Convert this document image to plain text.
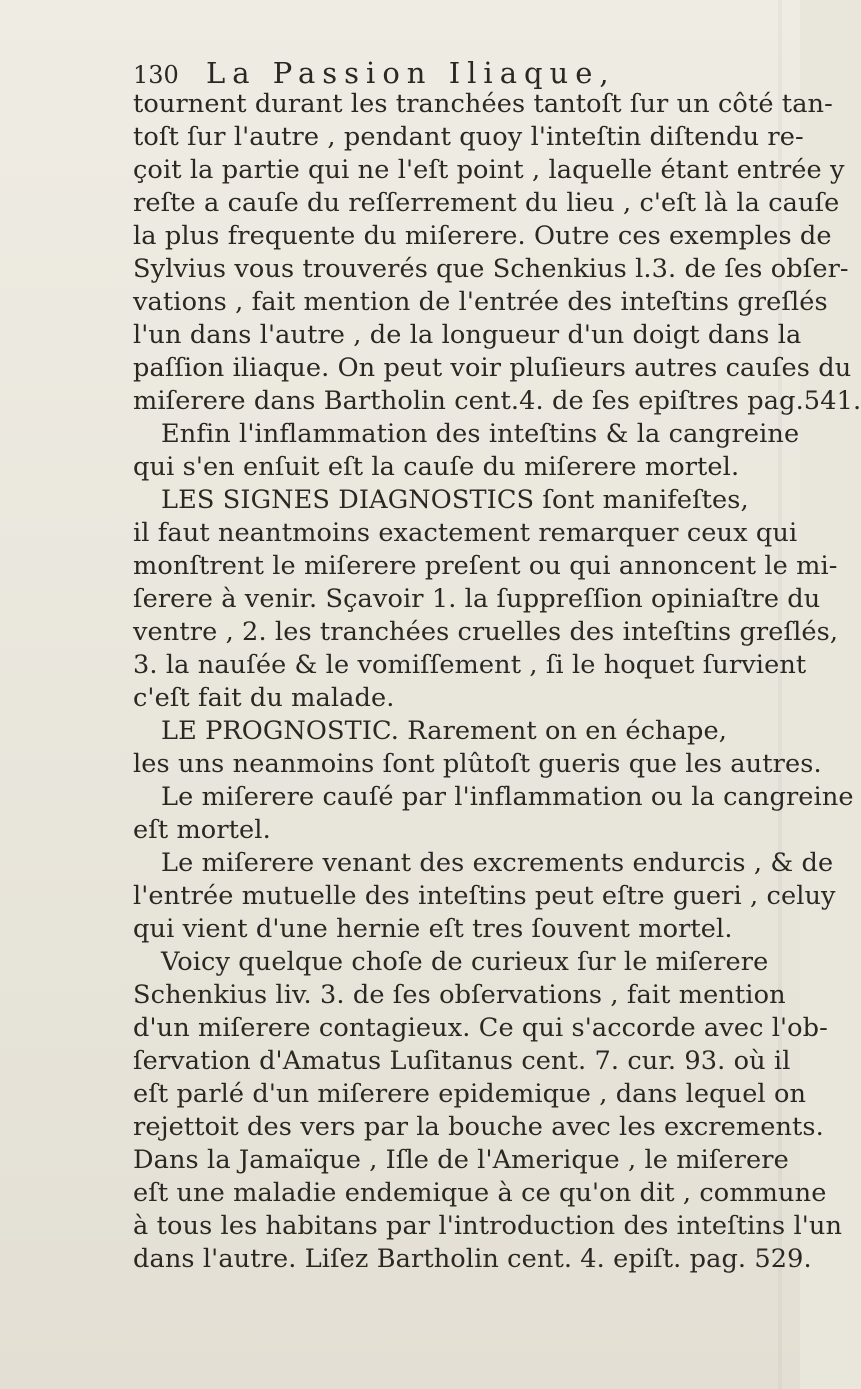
130 La Passion Iliaque,
tournent durant les tranchées tantoſt ſur un côté tan-
toſt ſur l'autre , pendant quoy l'inteſtin diſtendu re-
çoit la partie qui ne l'eſt point , laquelle étant entrée y
reſte a cauſe du reſſerrement du lieu , c'eſt là la cauſe
la plus frequente du miſerere. Outre ces exemples de
Sylvius vous trouverés que Schenkius l.3. de ſes obſer-
vations , fait mention de l'entrée des inteſtins greſlés
l'un dans l'autre , de la longueur d'un doigt dans la
paſſion iliaque. On peut voir pluſieurs autres cauſes du
miſerere dans Bartholin cent.4. de ſes epiſtres pag.541.
Enfin l'inflammation des inteſtins & la cangreine
qui s'en enſuit eſt la cauſe du miſerere mortel.
LES SIGNES DIAGNOSTICS ſont manifeſtes,
il faut neantmoins exactement remarquer ceux qui
monſtrent le miſerere preſent ou qui annoncent le mi-
ſerere à venir. Sçavoir 1. la ſuppreſſion opiniaſtre du
ventre , 2. les tranchées cruelles des inteſtins greſlés,
3. la nauſée & le vomiſſement , ſi le hoquet ſurvient
c'eſt fait du malade.
LE PROGNOSTIC. Rarement on en échape,
les uns neanmoins ſont plûtoſt gueris que les autres.
Le miſerere cauſé par l'inflammation ou la cangreine
eſt mortel.
Le miſerere venant des excrements endurcis , & de
l'entrée mutuelle des inteſtins peut eſtre gueri , celuy
qui vient d'une hernie eſt tres ſouvent mortel.
Voicy quelque choſe de curieux ſur le miſerere
Schenkius liv. 3. de ſes obſervations , fait mention
d'un miſerere contagieux. Ce qui s'accorde avec l'ob-
ſervation d'Amatus Luſitanus cent. 7. cur. 93. où il
eſt parlé d'un miſerere epidemique , dans lequel on
rejettoit des vers par la bouche avec les excrements.
Dans la Jamaïque , Iſle de l'Amerique , le miſerere
eſt une maladie endemique à ce qu'on dit , commune
à tous les habitans par l'introduction des inteſtins l'un
dans l'autre. Liſez Bartholin cent. 4. epiſt. pag. 529.
